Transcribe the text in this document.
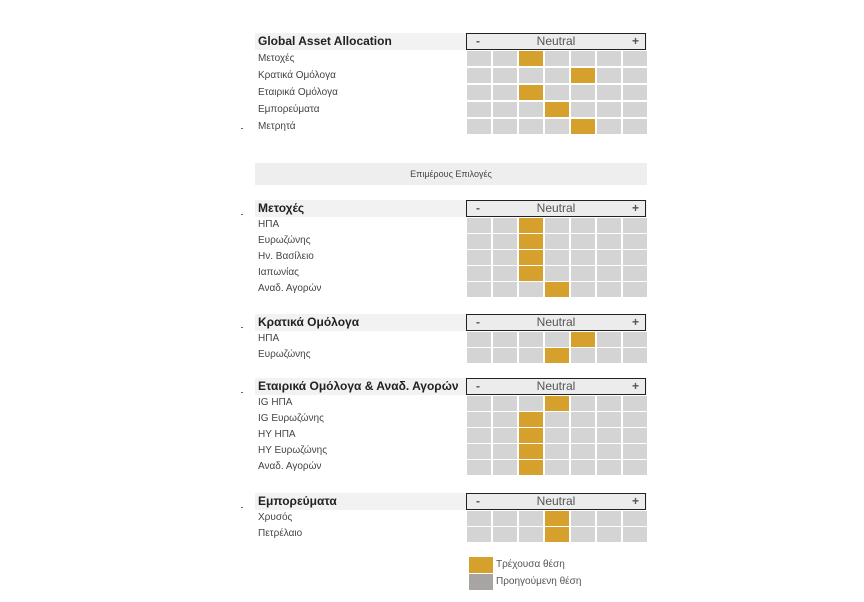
Global Asset Allocation	-	Neutral	+
Μετοχές
Κρατικά Ομόλογα
Εταιρικά Ομόλογα
Εμπορεύματα
Μετρητά
Επιμέρους Επιλογές
Μετοχές	-	Neutral	+
ΗΠΑ
Ευρωζώνης
Ην. Βασίλειο
Ιαπωνίας
Αναδ. Αγορών
Κρατικά Ομόλογα	-	Neutral	+
ΗΠΑ
Ευρωζώνης
Εταιρικά Ομόλογα & Αναδ. Αγορών -	Neutral	+
IG ΗΠΑ
IG Ευρωζώνης
HY ΗΠΑ
HY Ευρωζώνης
Αναδ. Αγορών
Εμπορεύματα	-	Neutral	+
Χρυσός
Πετρέλαιο
Τρέχουσα θέση
Προηγούμενη θέση
